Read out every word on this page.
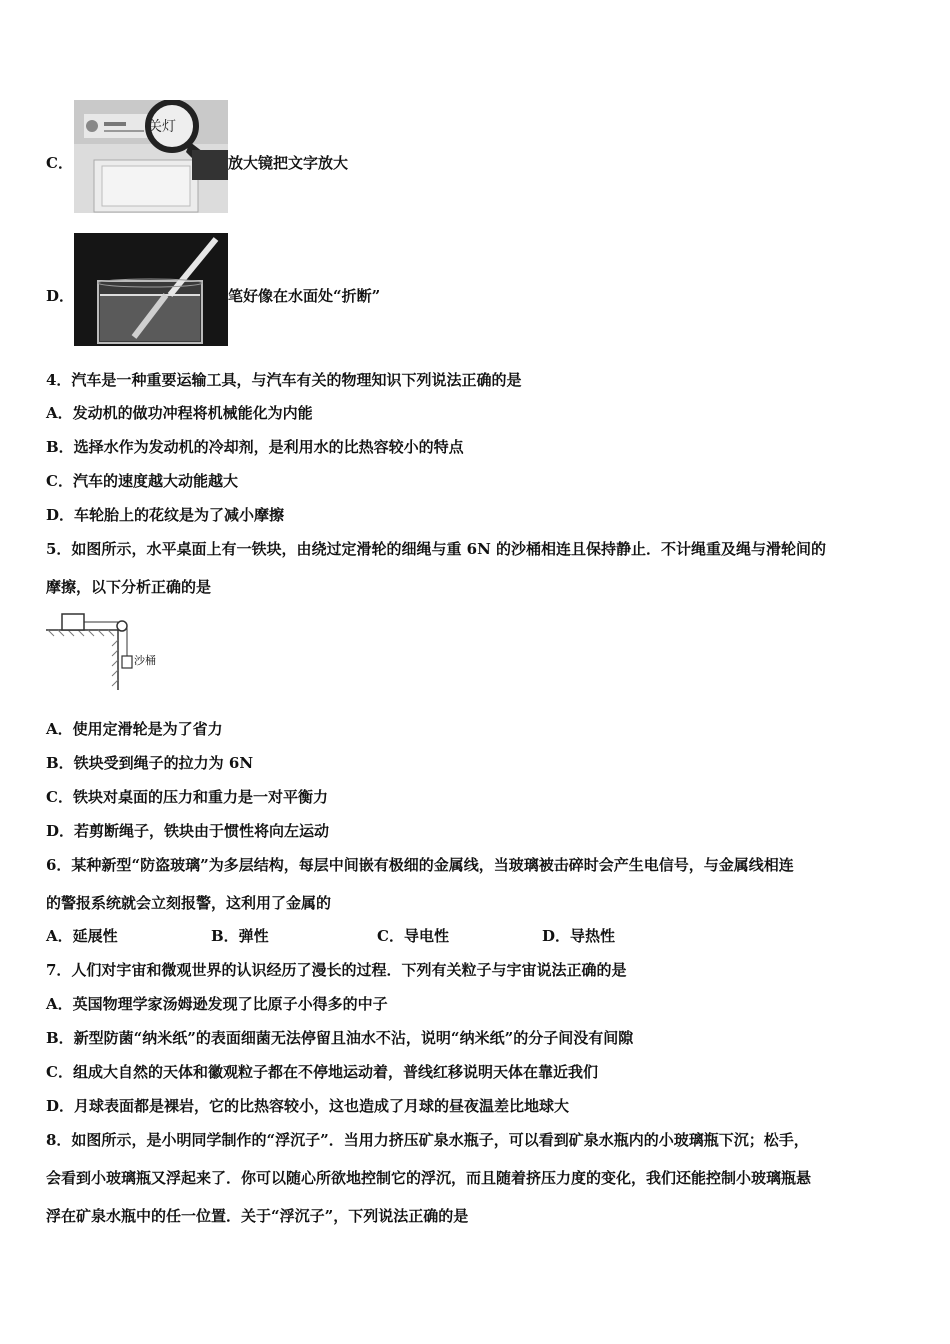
C．
关灯
放大镜把文字放大
D．	笔好像在水面处“折断”
4．汽车是一种重要运输工具，与汽车有关的物理知识下列说法正确的是
A．发动机的做功冲程将机械能化为内能
B．选择水作为发动机的冷却剂，是利用水的比热容较小的特点
C．汽车的速度越大动能越大
D．车轮胎上的花纹是为了减小摩擦
5．如图所示，水平桌面上有一铁块，由绕过定滑轮的细绳与重 6N 的沙桶相连且保持静止．不计绳重及绳与滑轮间的
摩擦，以下分析正确的是
沙桶
A．使用定滑轮是为了省力
B．铁块受到绳子的拉力为 6N
C．铁块对桌面的压力和重力是一对平衡力
D．若剪断绳子，铁块由于惯性将向左运动
6．某种新型“防盗玻璃”为多层结构，每层中间嵌有极细的金属线，当玻璃被击碎时会产生电信号，与金属线相连
的警报系统就会立刻报警，这利用了金属的
A．延展性	B．弹性	C．导电性	D．导热性
7．人们对宇宙和微观世界的认识经历了漫长的过程．下列有关粒子与宇宙说法正确的是
A．英国物理学家汤姆逊发现了比原子小得多的中子
B．新型防菌“纳米纸”的表面细菌无法停留且油水不沾，说明“纳米纸”的分子间没有间隙
C．组成大自然的天体和徽观粒子都在不停地运动着，普线红移说明天体在靠近我们
D．月球表面都是裸岩，它的比热容较小，这也造成了月球的昼夜温差比地球大
8．如图所示，是小明同学制作的“浮沉子”．当用力挤压矿泉水瓶子，可以看到矿泉水瓶内的小玻璃瓶下沉；松手，
会看到小玻璃瓶又浮起来了．你可以随心所欲地控制它的浮沉，而且随着挤压力度的变化，我们还能控制小玻璃瓶悬
浮在矿泉水瓶中的任一位置．关于“浮沉子”，下列说法正确的是
